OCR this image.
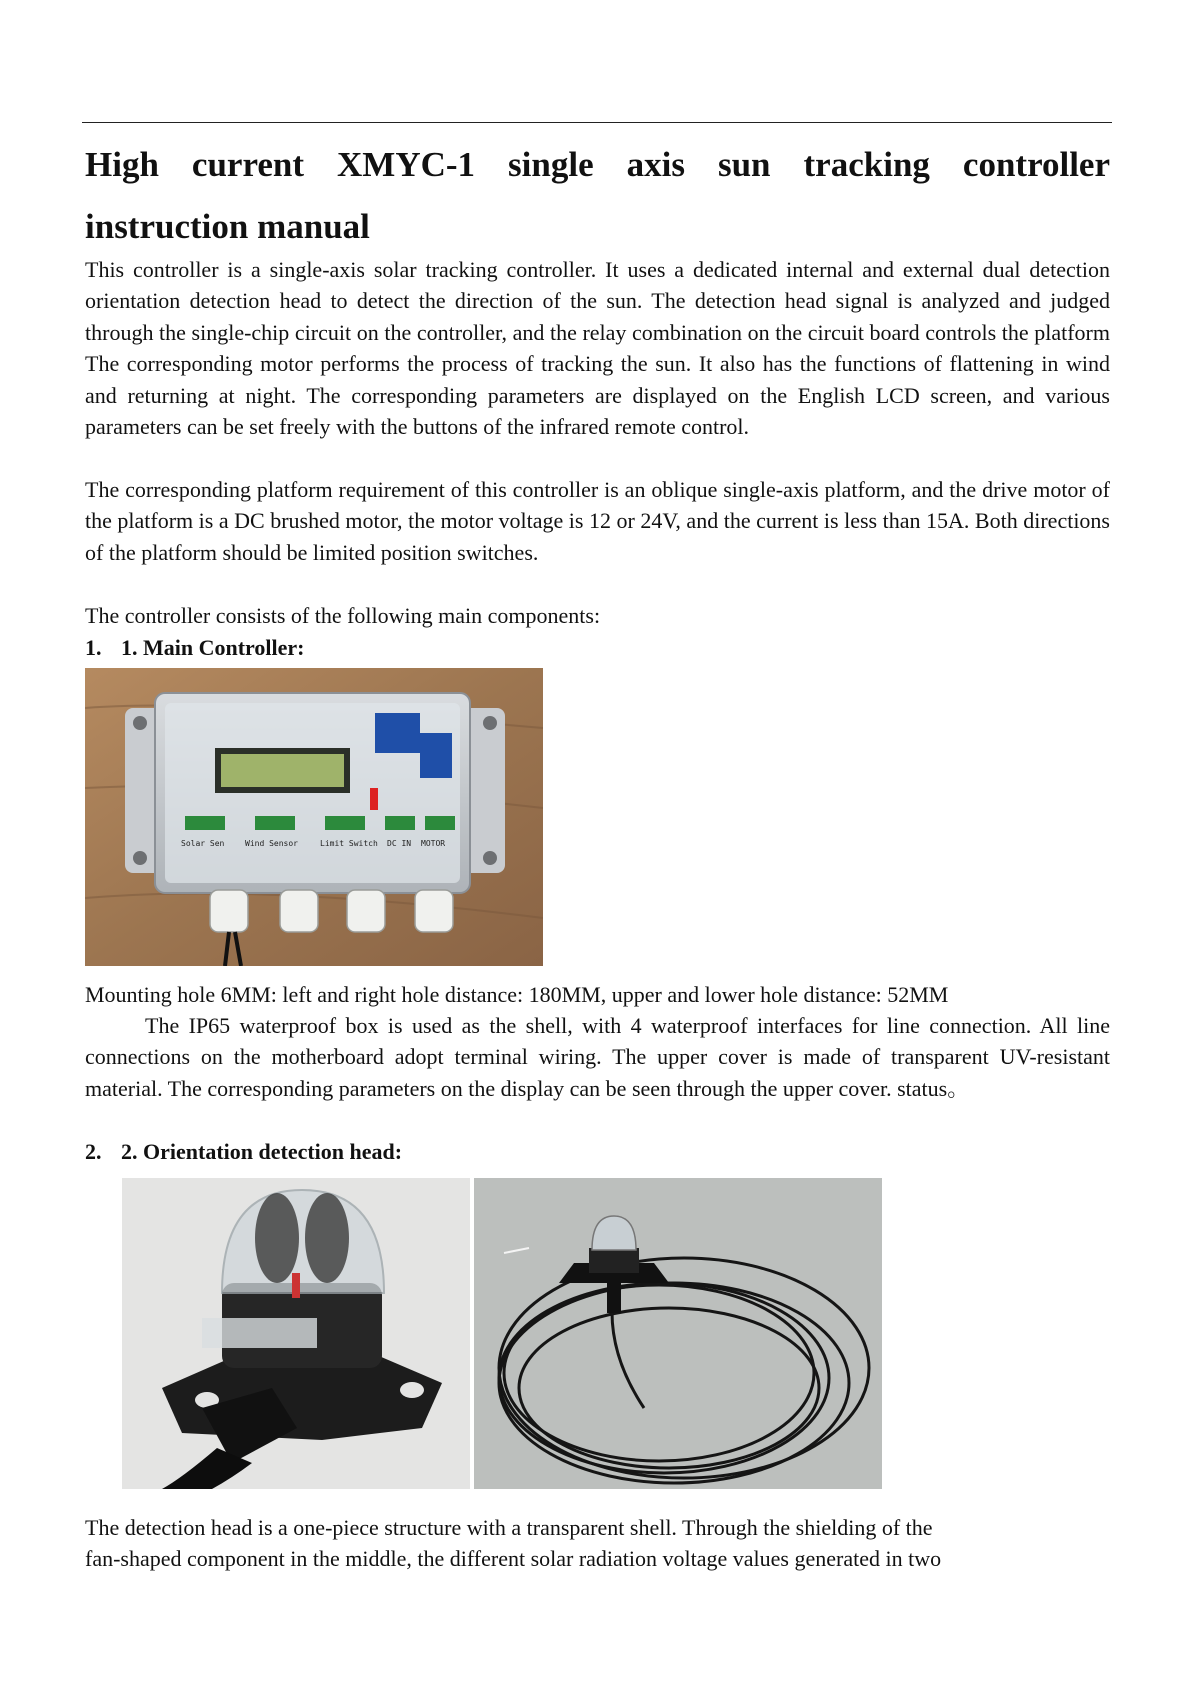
High current XMYC-1 single axis sun tracking controller instruction manual

This controller is a single-axis solar tracking controller. It uses a dedicated internal and external dual detection orientation detection head to detect the direction of the sun. The detection head signal is analyzed and judged through the single-chip circuit on the controller, and the relay combination on the circuit board controls the platform The corresponding motor performs the process of tracking the sun. It also has the functions of flattening in wind and returning at night. The corresponding parameters are displayed on the English LCD screen, and various parameters can be set freely with the buttons of the infrared remote control.

The corresponding platform requirement of this controller is an oblique single-axis platform, and the drive motor of the platform is a DC brushed motor, the motor voltage is 12 or 24V, and the current is less than 15A. Both directions of the platform should be limited position switches.

The controller consists of the following main components:

1. 1. Main Controller:
Solar Sen	Wind Sensor	Limit Switch DC IN MOTOR

Mounting hole 6MM: left and right hole distance: 180MM, upper and lower hole distance: 52MM

The IP65 waterproof box is used as the shell, with 4 waterproof interfaces for line connection. All line connections on the motherboard adopt terminal wiring. The upper cover is made of transparent UV-resistant material. The corresponding parameters on the display can be seen through the upper cover. status。

2. 2. Orientation detection head:

The detection head is a one-piece structure with a transparent shell. Through the shielding of the
fan-shaped component in the middle, the different solar radiation voltage values generated in two
